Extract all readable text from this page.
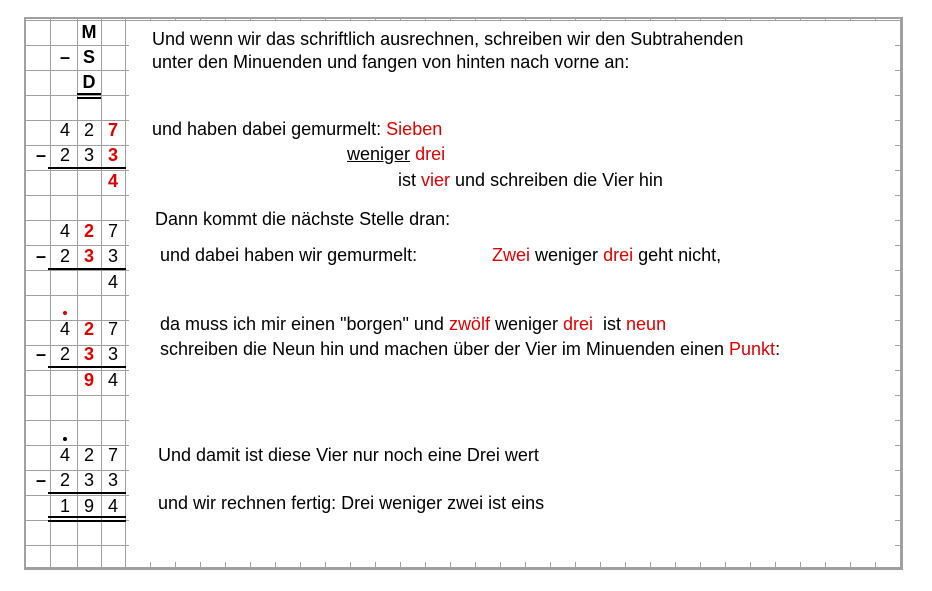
M
– S
D
4 2 7
– 2 3 3
4
4 2 7
– 2 3 3
4
4 2 7
– 2 3 3
9 4
4 2 7
– 2 3 3
1 9 4
Und wenn wir das schriftlich ausrechnen, schreiben wir den Subtrahenden
unter den Minuenden und fangen von hinten nach vorne an:
und haben dabei gemurmelt: Sieben
weniger drei
ist vier und schreiben die Vier hin
Dann kommt die nächste Stelle dran:
und dabei haben wir gemurmelt:	Zwei weniger drei geht nicht,
da muss ich mir einen "borgen" und zwölf weniger drei  ist neun
schreiben die Neun hin und machen über der Vier im Minuenden einen Punkt:
Und damit ist diese Vier nur noch eine Drei wert
und wir rechnen fertig: Drei weniger zwei ist eins
